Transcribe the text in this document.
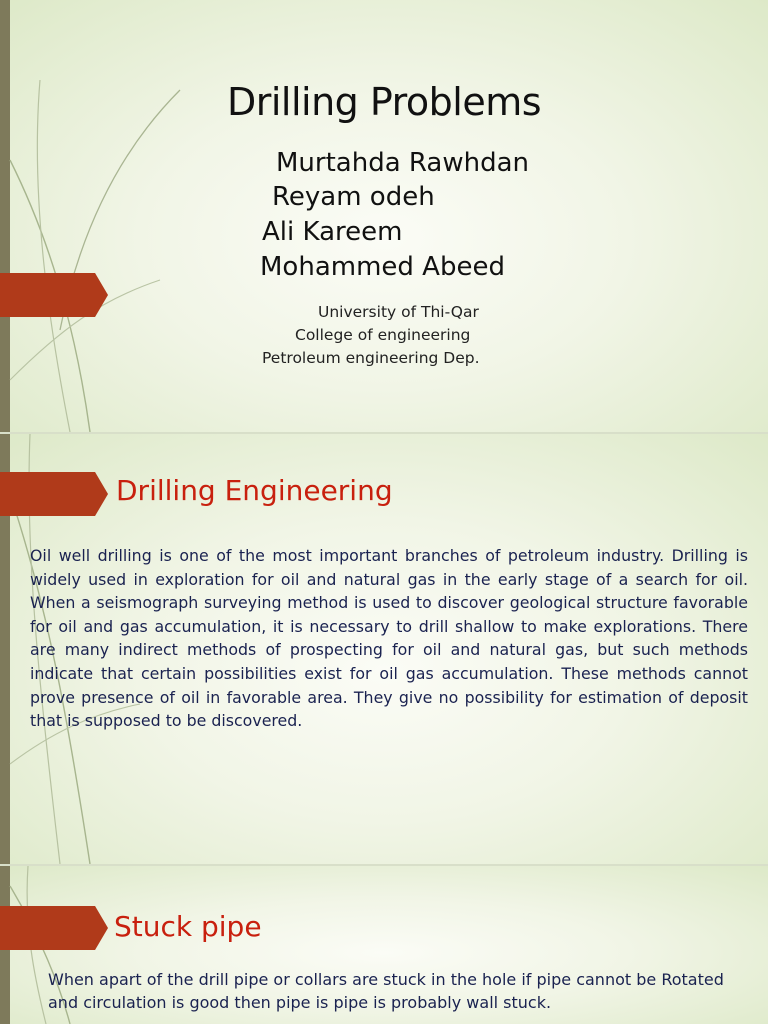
Drilling Problems
Murtahda Rawhdan
Reyam odeh
Ali Kareem
Mohammed Abeed
University of Thi-Qar
College of engineering
Petroleum engineering Dep.
Drilling Engineering
Oil well drilling is one of the most important branches of petroleum industry. Drilling is widely used in exploration for oil and natural gas in the early stage of a search for oil. When a seismograph surveying method is used to discover geological structure favorable for oil and gas accumulation, it is necessary to drill shallow to make explorations. There are many indirect methods of prospecting for oil and natural gas, but such methods indicate that certain possibilities exist for oil gas accumulation. These methods cannot prove presence of oil in favorable area. They give no possibility for estimation of deposit that is supposed to be discovered.
Stuck pipe
When apart of the drill pipe or collars are stuck in the hole if pipe cannot be Rotated and circulation is good then pipe is pipe is probably wall stuck.
